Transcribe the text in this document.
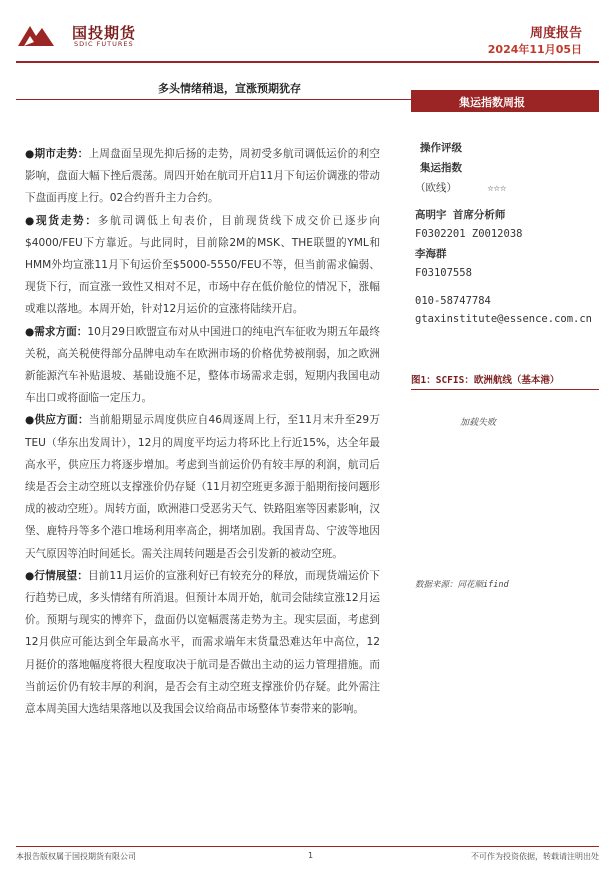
国投期货
SDIC FUTURES
周度报告
2024年11月05日
多头情绪稍退，宣涨预期犹存
集运指数周报

●期市走势：上周盘面呈现先抑后扬的走势，周初受多航司调低运价的利空影响，盘面大幅下挫后震荡。周四开始在航司开启11月下旬运价调涨的带动下盘面再度上行。02合约晋升主力合约。

●现货走势：多航司调低上旬表价，目前现货线下成交价已逐步向$4000/FEU下方靠近。与此同时，目前除2M的MSK、THE联盟的YML和HMM外均宣涨11月下旬运价至$5000-5550/FEU不等，但当前需求偏弱、现货下行，而宣涨一致性又相对不足，市场中存在低价舱位的情况下，涨幅或难以落地。本周开始，针对12月运价的宣涨将陆续开启。

●需求方面：10月29日欧盟宣布对从中国进口的纯电汽车征收为期五年最终关税，高关税使得部分品牌电动车在欧洲市场的价格优势被削弱，加之欧洲新能源汽车补贴退坡、基础设施不足，整体市场需求走弱，短期内我国电动车出口或将面临一定压力。

●供应方面：当前船期显示周度供应自46周逐周上行，至11月末升至29万TEU（华东出发周计），12月的周度平均运力将环比上行近15%，达全年最高水平，供应压力将逐步增加。考虑到当前运价仍有较丰厚的利润，航司后续是否会主动空班以支撑涨价仍存疑（11月初空班更多源于船期衔接问题形成的被动空班）。周转方面，欧洲港口受恶劣天气、铁路阻塞等因素影响，汉堡、鹿特丹等多个港口堆场利用率高企，拥堵加剧。我国青岛、宁波等地因天气原因等泊时间延长。需关注周转问题是否会引发新的被动空班。

●行情展望：目前11月运价的宣涨利好已有较充分的释放，而现货端运价下行趋势已成，多头情绪有所消退。但预计本周开始，航司会陆续宣涨12月运价。预期与现实的博弈下，盘面仍以宽幅震荡走势为主。现实层面，考虑到12月供应可能达到全年最高水平，而需求端年末货量恐难达年中高位，12月挺价的落地幅度将很大程度取决于航司是否做出主动的运力管理措施。而当前运价仍有较丰厚的利润，是否会有主动空班支撑涨价仍存疑。此外需注意本周美国大选结果落地以及我国会议给商品市场整体节奏带来的影响。

操作评级
集运指数
（欧线）	☆☆☆
高明宇 首席分析师
F0302201 Z0012038
李海群
F03107558
010-58747784
gtaxinstitute@essence.com.cn
图1：SCFIS：欧洲航线（基本港）
加载失败
数据来源：同花顺ifind
本报告版权属于国投期货有限公司	1	不可作为投资依据，转载请注明出处
